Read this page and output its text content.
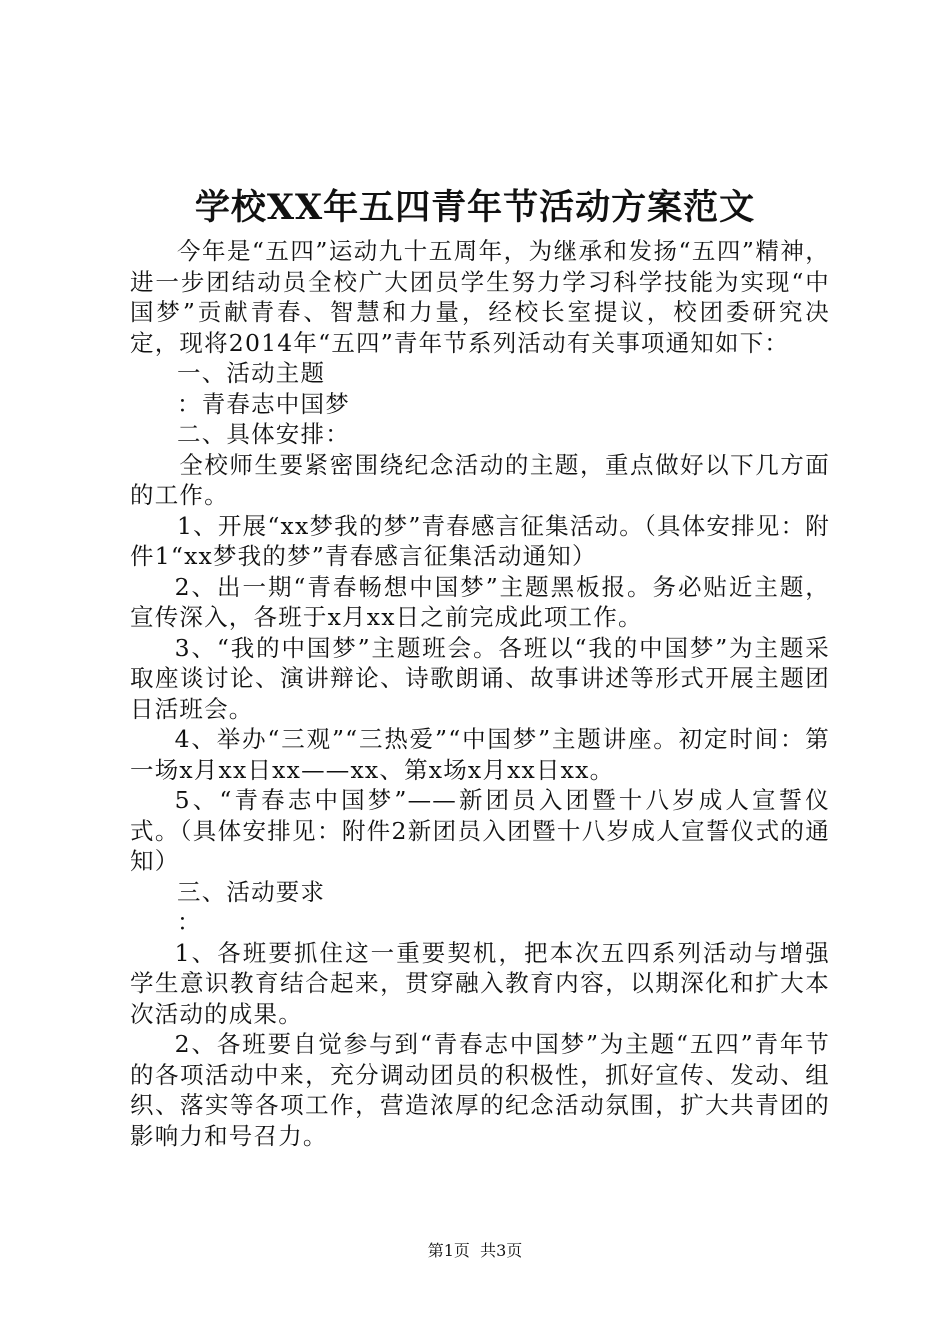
学校XX年五四青年节活动方案范文

今年是“五四”运动九十五周年，为继承和发扬“五四”精神，进一步团结动员全校广大团员学生努力学习科学技能为实现“中国梦”贡献青春、智慧和力量，经校长室提议，校团委研究决定，现将2014年“五四”青年节系列活动有关事项通知如下：

一、活动主题

：青春志中国梦

二、具体安排：

全校师生要紧密围绕纪念活动的主题，重点做好以下几方面的工作。

1、开展“xx梦我的梦”青春感言征集活动。（具体安排见：附件1“xx梦我的梦”青春感言征集活动通知）

2、出一期“青春畅想中国梦”主题黑板报。务必贴近主题，宣传深入，各班于x月xx日之前完成此项工作。

3、“我的中国梦”主题班会。各班以“我的中国梦”为主题采取座谈讨论、演讲辩论、诗歌朗诵、故事讲述等形式开展主题团日活班会。

4、举办“三观”“三热爱”“中国梦”主题讲座。初定时间：第一场x月xx日xx——xx、第x场x月xx日xx。

5、“青春志中国梦”——新团员入团暨十八岁成人宣誓仪式。（具体安排见：附件2新团员入团暨十八岁成人宣誓仪式的通知）

三、活动要求

：

1、各班要抓住这一重要契机，把本次五四系列活动与增强学生意识教育结合起来，贯穿融入教育内容，以期深化和扩大本次活动的成果。

2、各班要自觉参与到“青春志中国梦”为主题“五四”青年节的各项活动中来，充分调动团员的积极性，抓好宣传、发动、组织、落实等各项工作，营造浓厚的纪念活动氛围，扩大共青团的影响力和号召力。

第1页  共3页
